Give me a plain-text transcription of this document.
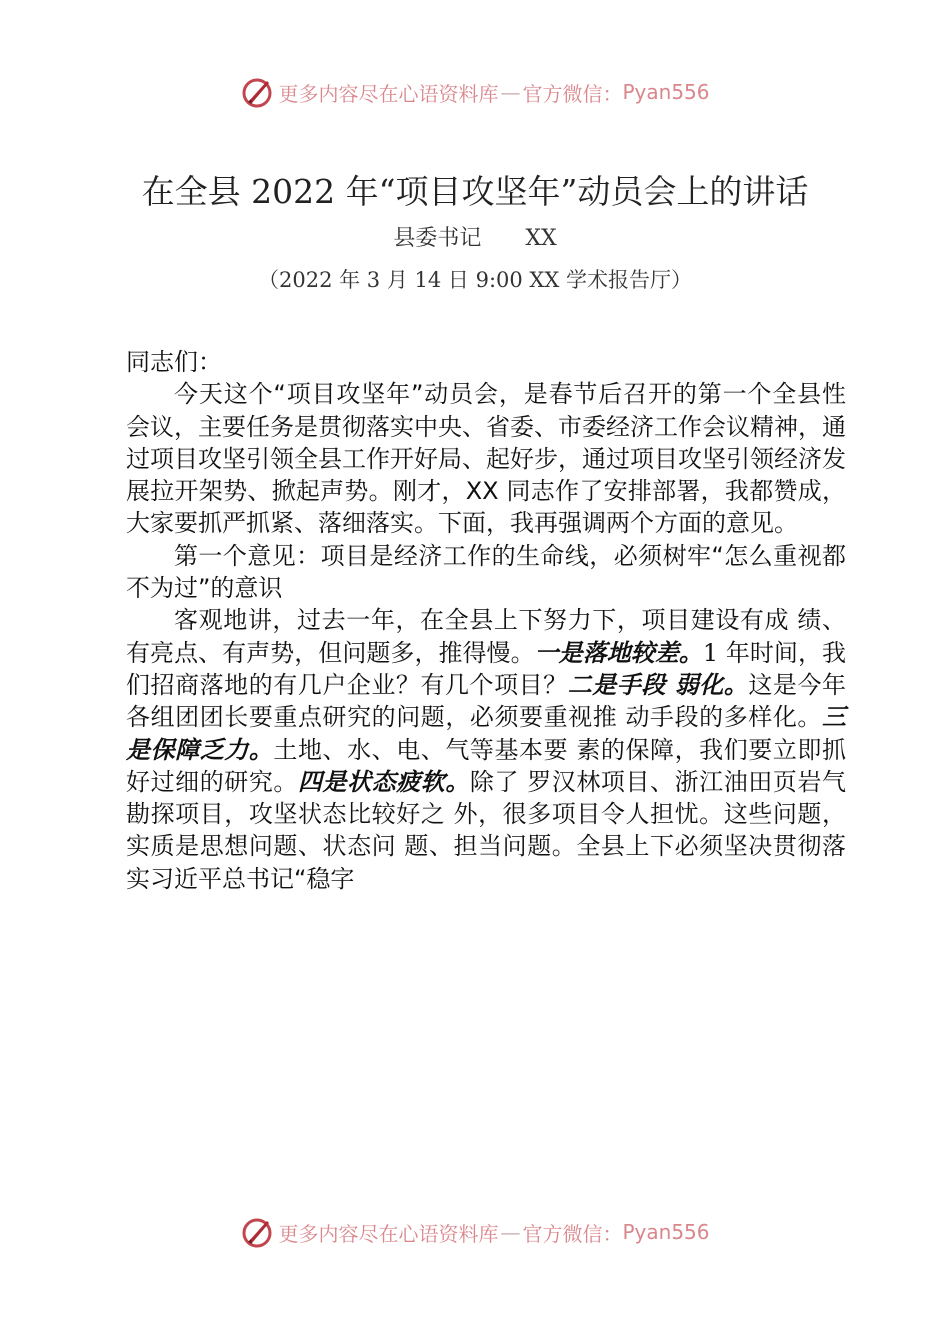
更多内容尽在心语资料库 — 官方微信： Pyan556
在全县 2022 年“项目攻坚年”动员会上的讲话
县委书记 XX
（2022 年 3 月 14 日 9:00 XX 学术报告厅）

同志们：

今天这个“项目攻坚年”动员会，是春节后召开的第一个全县性会议，主要任务是贯彻落实中央、省委、市委经济工作会议精神，通过项目攻坚引领全县工作开好局、起好步，通过项目攻坚引领经济发展拉开架势、掀起声势。刚才，XX 同志作了安排部署，我都赞成，大家要抓严抓紧、落细落实。下面，我再强调两个方面的意见。

第一个意见：项目是经济工作的生命线，必须树牢“怎么重视都不为过”的意识

客观地讲，过去一年，在全县上下努力下，项目建设有成 绩、有亮点、有声势，但问题多，推得慢。一是落地较差。1 年时间，我们招商落地的有几户企业？有几个项目？二是手段 弱化。这是今年各组团团长要重点研究的问题，必须要重视推 动手段的多样化。三是保障乏力。土地、水、电、气等基本要 素的保障，我们要立即抓好过细的研究。四是状态疲软。除了 罗汉林项目、浙江油田页岩气勘探项目，攻坚状态比较好之 外，很多项目令人担忧。这些问题，实质是思想问题、状态问 题、担当问题。全县上下必须坚决贯彻落实习近平总书记“稳字

更多内容尽在心语资料库 — 官方微信： Pyan556
